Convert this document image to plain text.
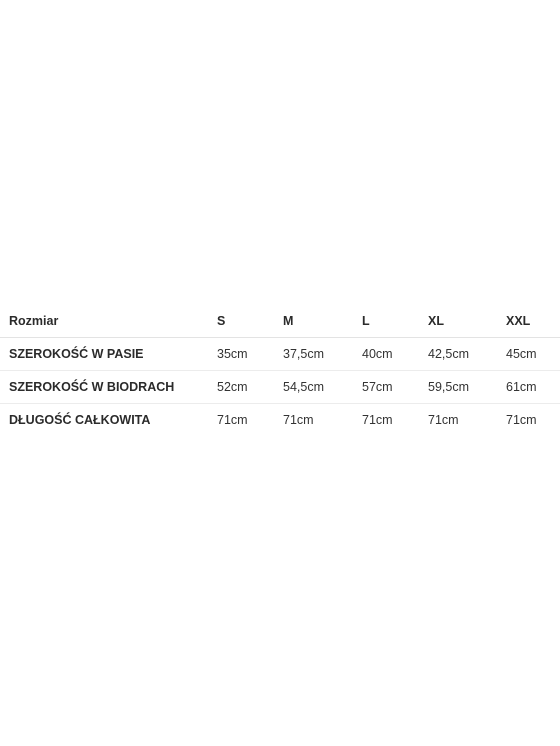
Rozmiar	S	M	L	XL	XXL
SZEROKOŚĆ W PASIE	35cm	37,5cm	40cm	42,5cm	45cm
SZEROKOŚĆ W BIODRACH	52cm	54,5cm	57cm	59,5cm	61cm
DŁUGOŚĆ CAŁKOWITA	71cm	71cm	71cm	71cm	71cm
